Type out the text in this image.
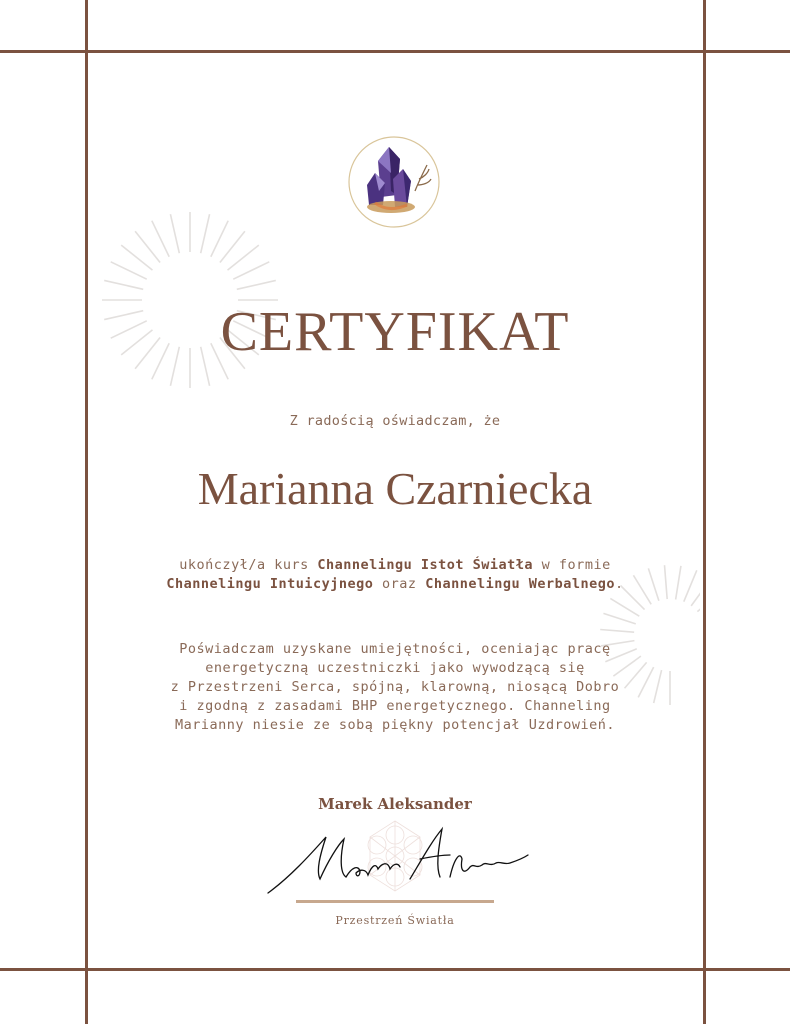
CERTYFIKAT
Z radością oświadczam, że
Marianna Czarniecka
ukończył/a kurs Channelingu Istot Światła w formie Channelingu Intuicyjnego oraz Channelingu Werbalnego.
Poświadczam uzyskane umiejętności, oceniając pracę
energetyczną uczestniczki jako wywodzącą się
z Przestrzeni Serca, spójną, klarowną, niosącą Dobro
i zgodną z zasadami BHP energetycznego. Channeling
Marianny niesie ze sobą piękny potencjał Uzdrowień.
Marek Aleksander
Przestrzeń Światła
